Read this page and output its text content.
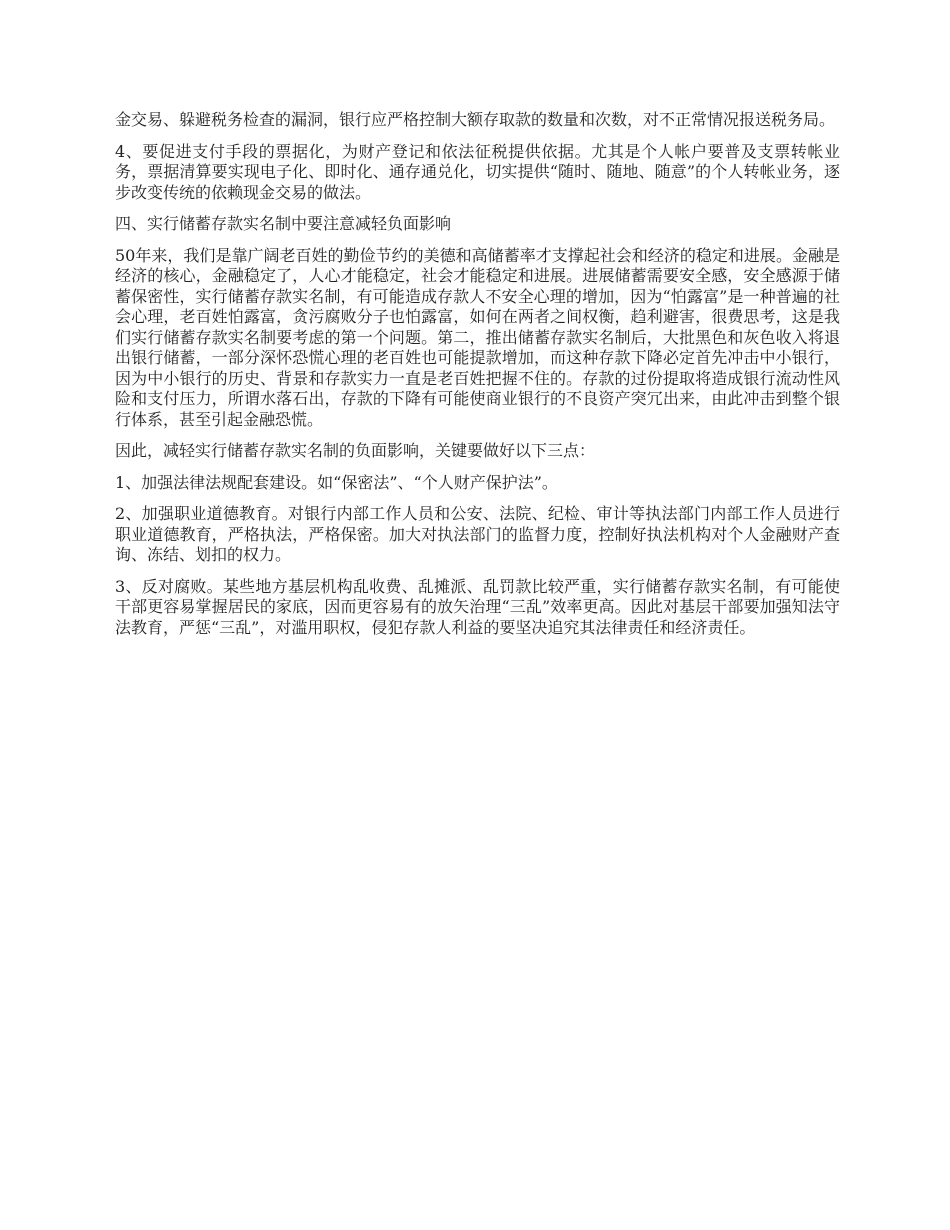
金交易、躲避税务检查的漏洞，银行应严格控制大额存取款的数量和次数，对不正常情况报送税务局。

4、要促进支付手段的票据化，为财产登记和依法征税提供依据。尤其是个人帐户要普及支票转帐业务，票据清算要实现电子化、即时化、通存通兑化，切实提供“随时、随地、随意”的个人转帐业务，逐步改变传统的依赖现金交易的做法。

四、实行储蓄存款实名制中要注意减轻负面影响

50年来，我们是靠广阔老百姓的勤俭节约的美德和高储蓄率才支撑起社会和经济的稳定和进展。金融是经济的核心，金融稳定了，人心才能稳定，社会才能稳定和进展。进展储蓄需要安全感，安全感源于储蓄保密性，实行储蓄存款实名制，有可能造成存款人不安全心理的增加，因为“怕露富”是一种普遍的社会心理，老百姓怕露富，贪污腐败分子也怕露富，如何在两者之间权衡，趋利避害，很费思考，这是我们实行储蓄存款实名制要考虑的第一个问题。第二，推出储蓄存款实名制后，大批黑色和灰色收入将退出银行储蓄，一部分深怀恐慌心理的老百姓也可能提款增加，而这种存款下降必定首先冲击中小银行，因为中小银行的历史、背景和存款实力一直是老百姓把握不住的。存款的过份提取将造成银行流动性风险和支付压力，所谓水落石出，存款的下降有可能使商业银行的不良资产突冗出来，由此冲击到整个银行体系，甚至引起金融恐慌。

因此，减轻实行储蓄存款实名制的负面影响，关键要做好以下三点：

1、加强法律法规配套建设。如“保密法”、“个人财产保护法”。

2、加强职业道德教育。对银行内部工作人员和公安、法院、纪检、审计等执法部门内部工作人员进行职业道德教育，严格执法，严格保密。加大对执法部门的监督力度，控制好执法机构对个人金融财产查询、冻结、划扣的权力。

3、反对腐败。某些地方基层机构乱收费、乱摊派、乱罚款比较严重，实行储蓄存款实名制，有可能使干部更容易掌握居民的家底，因而更容易有的放矢治理“三乱”效率更高。因此对基层干部要加强知法守法教育，严惩“三乱”，对滥用职权，侵犯存款人利益的要坚决追究其法律责任和经济责任。
